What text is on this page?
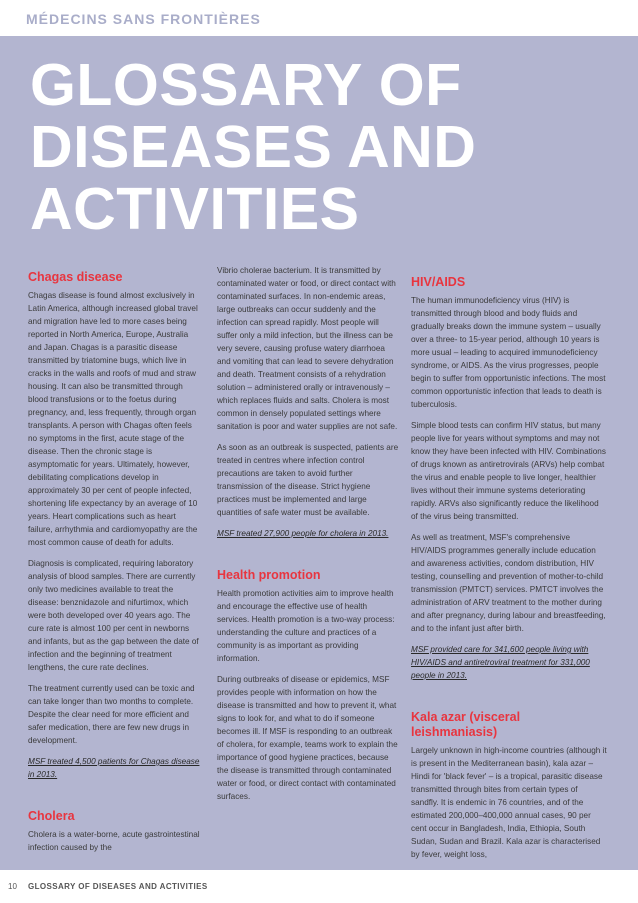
MÉDECINS SANS FRONTIÈRES

GLOSSARY OF
DISEASES AND
ACTIVITIES
Chagas disease

Chagas disease is found almost exclusively in Latin America, although increased global travel and migration have led to more cases being reported in North America, Europe, Australia and Japan. Chagas is a parasitic disease transmitted by triatomine bugs, which live in cracks in the walls and roofs of mud and straw housing. It can also be transmitted through blood transfusions or to the foetus during pregnancy, and, less frequently, through organ transplants. A person with Chagas often feels no symptoms in the first, acute stage of the disease. Then the chronic stage is asymptomatic for years. Ultimately, however, debilitating complications develop in approximately 30 per cent of people infected, shortening life expectancy by an average of 10 years. Heart complications such as heart failure, arrhythmia and cardiomyopathy are the most common cause of death for adults.

Diagnosis is complicated, requiring laboratory analysis of blood samples. There are currently only two medicines available to treat the disease: benznidazole and nifurtimox, which were both developed over 40 years ago. The cure rate is almost 100 per cent in newborns and infants, but as the gap between the date of infection and the beginning of treatment lengthens, the cure rate declines.

The treatment currently used can be toxic and can take longer than two months to complete. Despite the clear need for more efficient and safer medication, there are few new drugs in development.

MSF treated 4,500 patients for Chagas disease in 2013.

Cholera

Cholera is a water-borne, acute gastrointestinal infection caused by the

Vibrio cholerae bacterium. It is transmitted by contaminated water or food, or direct contact with contaminated surfaces. In non-endemic areas, large outbreaks can occur suddenly and the infection can spread rapidly. Most people will suffer only a mild infection, but the illness can be very severe, causing profuse watery diarrhoea and vomiting that can lead to severe dehydration and death. Treatment consists of a rehydration solution – administered orally or intravenously – which replaces fluids and salts. Cholera is most common in densely populated settings where sanitation is poor and water supplies are not safe.

As soon as an outbreak is suspected, patients are treated in centres where infection control precautions are taken to avoid further transmission of the disease. Strict hygiene practices must be implemented and large quantities of safe water must be available.

MSF treated 27,900 people for cholera in 2013.

Health promotion

Health promotion activities aim to improve health and encourage the effective use of health services. Health promotion is a two-way process: understanding the culture and practices of a community is as important as providing information.

During outbreaks of disease or epidemics, MSF provides people with information on how the disease is transmitted and how to prevent it, what signs to look for, and what to do if someone becomes ill. If MSF is responding to an outbreak of cholera, for example, teams work to explain the importance of good hygiene practices, because the disease is transmitted through contaminated water or food, or direct contact with contaminated surfaces.

HIV/AIDS

The human immunodeficiency virus (HIV) is transmitted through blood and body fluids and gradually breaks down the immune system – usually over a three- to 15-year period, although 10 years is more usual – leading to acquired immunodeficiency syndrome, or AIDS. As the virus progresses, people begin to suffer from opportunistic infections. The most common opportunistic infection that leads to death is tuberculosis.

Simple blood tests can confirm HIV status, but many people live for years without symptoms and may not know they have been infected with HIV. Combinations of drugs known as antiretrovirals (ARVs) help combat the virus and enable people to live longer, healthier lives without their immune systems deteriorating rapidly. ARVs also significantly reduce the likelihood of the virus being transmitted.

As well as treatment, MSF's comprehensive HIV/AIDS programmes generally include education and awareness activities, condom distribution, HIV testing, counselling and prevention of mother-to-child transmission (PMTCT) services. PMTCT involves the administration of ARV treatment to the mother during and after pregnancy, during labour and breastfeeding, and to the infant just after birth.

MSF provided care for 341,600 people living with HIV/AIDS and antiretroviral treatment for 331,000 people in 2013.

Kala azar (visceral leishmaniasis)

Largely unknown in high-income countries (although it is present in the Mediterranean basin), kala azar – Hindi for 'black fever' – is a tropical, parasitic disease transmitted through bites from certain types of sandfly. It is endemic in 76 countries, and of the estimated 200,000–400,000 annual cases, 90 per cent occur in Bangladesh, India, Ethiopia, South Sudan, Sudan and Brazil. Kala azar is characterised by fever, weight loss,

10 GLOSSARY OF DISEASES AND ACTIVITIES
